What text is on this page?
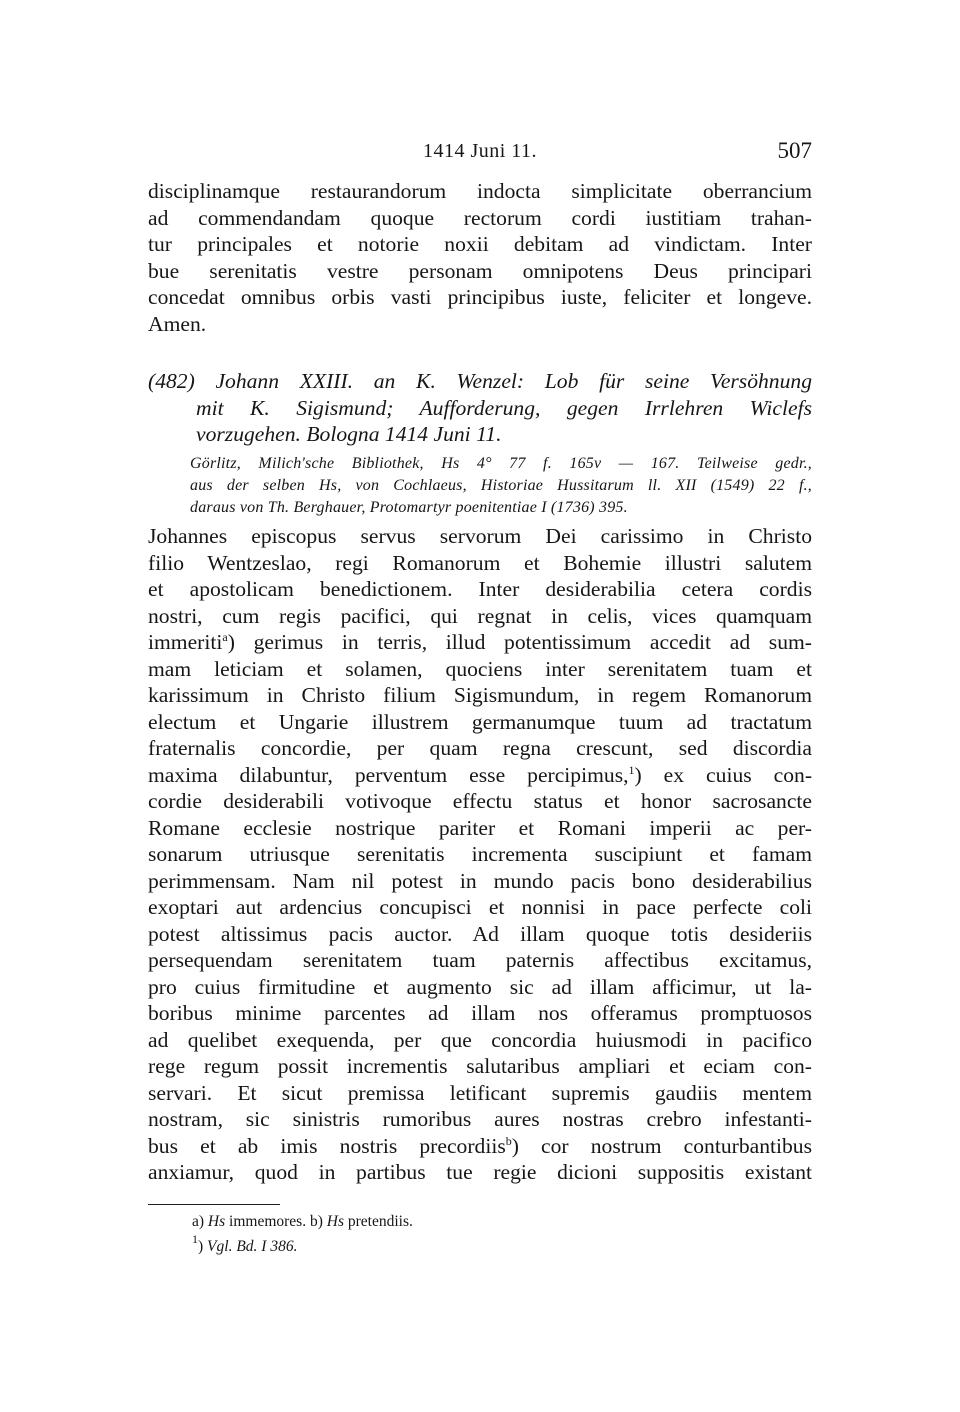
1414 Juni 11.	507
disciplinamque restaurandorum indocta simplicitate oberrancium
ad commendandam quoque rectorum cordi iustitiam trahan-
tur principales et notorie noxii debitam ad vindictam. Inter
bue serenitatis vestre personam omnipotens Deus principari
concedat omnibus orbis vasti principibus iuste, feliciter et longeve.
Amen.
(482) Johann XXIII. an K. Wenzel: Lob für seine Versöhnung
mit K. Sigismund; Aufforderung, gegen Irrlehren Wiclefs
vorzugehen. Bologna 1414 Juni 11.
Görlitz, Milich'sche Bibliothek, Hs 4° 77 f. 165v — 167. Teilweise gedr.,
aus der selben Hs, von Cochlaeus, Historiae Hussitarum ll. XII (1549) 22 f.,
daraus von Th. Berghauer, Protomartyr poenitentiae I (1736) 395.
Johannes episcopus servus servorum Dei carissimo in Christo
filio Wentzeslao, regi Romanorum et Bohemie illustri salutem
et apostolicam benedictionem. Inter desiderabilia cetera cordis
nostri, cum regis pacifici, qui regnat in celis, vices quamquam
immeriti$^a$) gerimus in terris, illud potentissimum accedit ad sum-
mam leticiam et solamen, quociens inter serenitatem tuam et
karissimum in Christo filium Sigismundum, in regem Romanorum
electum et Ungarie illustrem germanumque tuum ad tractatum
fraternalis concordie, per quam regna crescunt, sed discordia
maxima dilabuntur, perventum esse percipimus,$^1$) ex cuius con-
cordie desiderabili votivoque effectu status et honor sacrosancte
Romane ecclesie nostrique pariter et Romani imperii ac per-
sonarum utriusque serenitatis incrementa suscipiunt et famam
perimmensam. Nam nil potest in mundo pacis bono desiderabilius
exoptari aut ardencius concupisci et nonnisi in pace perfecte coli
potest altissimus pacis auctor. Ad illam quoque totis desideriis
persequendam serenitatem tuam paternis affectibus excitamus,
pro cuius firmitudine et augmento sic ad illam afficimur, ut la-
boribus minime parcentes ad illam nos offeramus promptuosos
ad quelibet exequenda, per que concordia huiusmodi in pacifico
rege regum possit incrementis salutaribus ampliari et eciam con-
servari. Et sicut premissa letificant supremis gaudiis mentem
nostram, sic sinistris rumoribus aures nostras crebro infestanti-
bus et ab imis nostris precordiis$^b$) cor nostrum conturbantibus
anxiamur, quod in partibus tue regie dicioni suppositis existant
a) Hs immemores. b) Hs pretendiis.
$^1$) Vgl. Bd. I 386.
